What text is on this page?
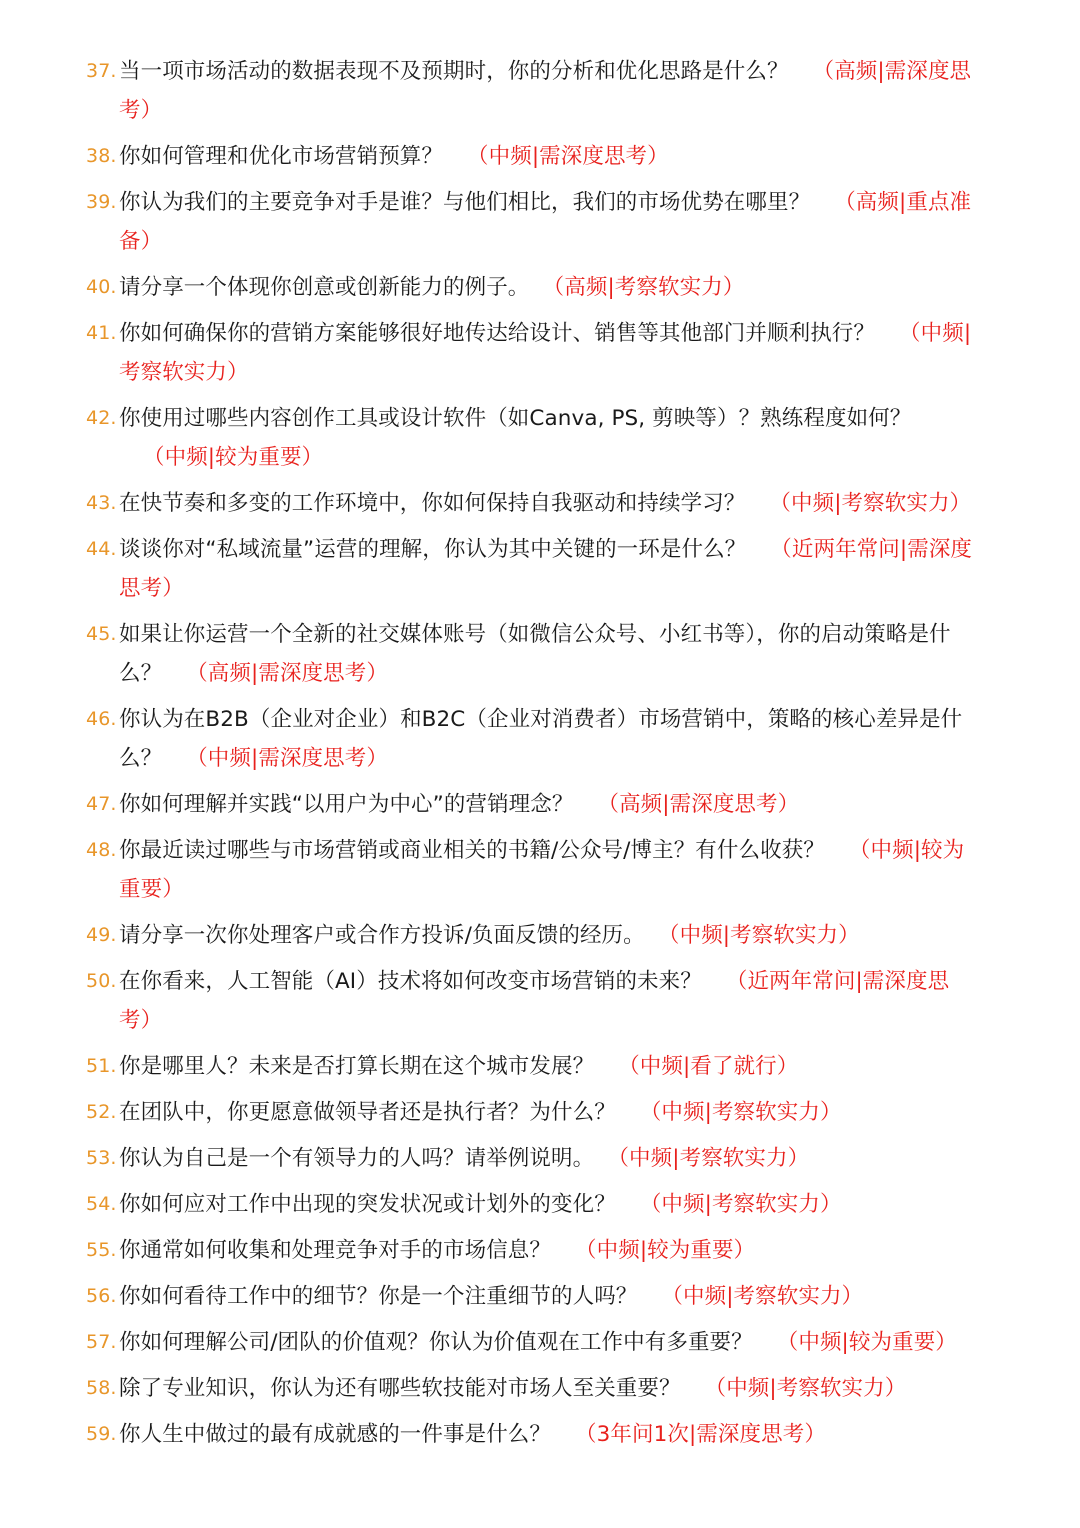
37. 当一项市场活动的数据表现不及预期时，你的分析和优化思路是什么？ （高频|需深度思考）
38. 你如何管理和优化市场营销预算？ （中频|需深度思考）
39. 你认为我们的主要竞争对手是谁？与他们相比，我们的市场优势在哪里？ （高频|重点准备）
40. 请分享一个体现你创意或创新能力的例子。 （高频|考察软实力）
41. 你如何确保你的营销方案能够很好地传达给设计、销售等其他部门并顺利执行？ （中频|考察软实力）
42. 你使用过哪些内容创作工具或设计软件（如Canva, PS, 剪映等）？熟练程度如何？（中频|较为重要）
43. 在快节奏和多变的工作环境中，你如何保持自我驱动和持续学习？ （中频|考察软实力）
44. 谈谈你对“私域流量”运营的理解，你认为其中关键的一环是什么？ （近两年常问|需深度思考）
45. 如果让你运营一个全新的社交媒体账号（如微信公众号、小红书等），你的启动策略是什么？ （高频|需深度思考）
46. 你认为在B2B（企业对企业）和B2C（企业对消费者）市场营销中，策略的核心差异是什么？ （中频|需深度思考）
47. 你如何理解并实践“以用户为中心”的营销理念？ （高频|需深度思考）
48. 你最近读过哪些与市场营销或商业相关的书籍/公众号/博主？有什么收获？ （中频|较为重要）
49. 请分享一次你处理客户或合作方投诉/负面反馈的经历。 （中频|考察软实力）
50. 在你看来，人工智能（AI）技术将如何改变市场营销的未来？ （近两年常问|需深度思考）
51. 你是哪里人？未来是否打算长期在这个城市发展？ （中频|看了就行）
52. 在团队中，你更愿意做领导者还是执行者？为什么？ （中频|考察软实力）
53. 你认为自己是一个有领导力的人吗？请举例说明。 （中频|考察软实力）
54. 你如何应对工作中出现的突发状况或计划外的变化？ （中频|考察软实力）
55. 你通常如何收集和处理竞争对手的市场信息？ （中频|较为重要）
56. 你如何看待工作中的细节？你是一个注重细节的人吗？ （中频|考察软实力）
57. 你如何理解公司/团队的价值观？你认为价值观在工作中有多重要？ （中频|较为重要）
58. 除了专业知识，你认为还有哪些软技能对市场人至关重要？ （中频|考察软实力）
59. 你人生中做过的最有成就感的一件事是什么？ （3年问1次|需深度思考）
